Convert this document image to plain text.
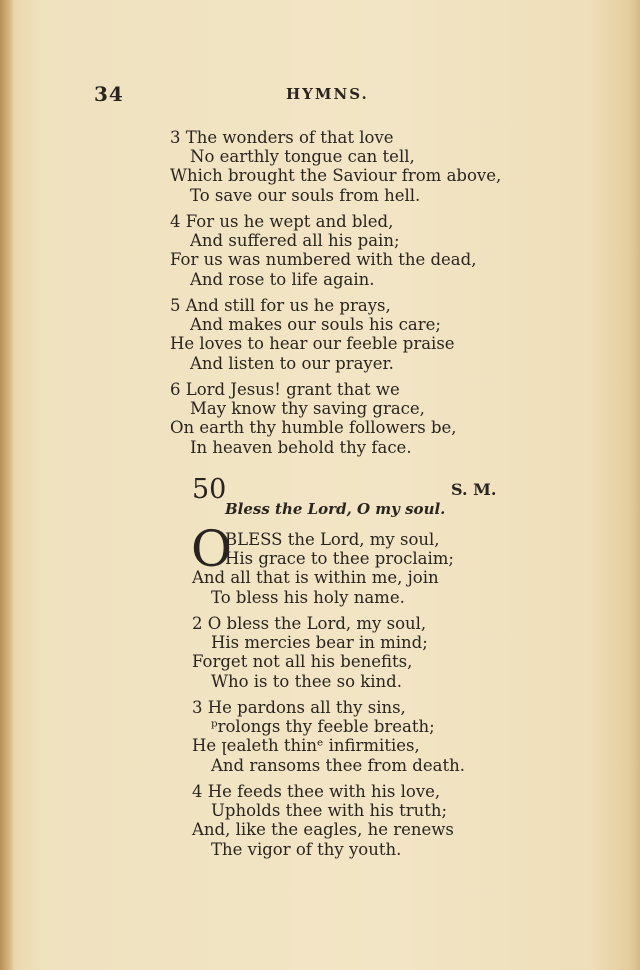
34	HYMNS.
3 The wonders of that love
No earthly tongue can tell,
Which brought the Saviour from above,
To save our souls from hell.
4 For us he wept and bled,
And suffered all his pain;
For us was numbered with the dead,
And rose to life again.
5 And still for us he prays,
And makes our souls his care;
He loves to hear our feeble praise
And listen to our prayer.
6 Lord Jesus! grant that we
May know thy saving grace,
On earth thy humble followers be,
In heaven behold thy face.
50	S. M.
Bless the Lord, O my soul.
O
BLESS the Lord, my soul,
His grace to thee proclaim;
And all that is within me, join
To bless his holy name.
2 O bless the Lord, my soul,
His mercies bear in mind;
Forget not all his benefits,
Who is to thee so kind.
3 He pardons all thy sins,
ᵖrolongs thy feeble breath;
He ꞁealeth thinᵉ infirmities,
And ransoms thee from death.
4 He feeds thee with his love,
Upholds thee with his truth;
And, like the eagles, he renews
The vigor of thy youth.
